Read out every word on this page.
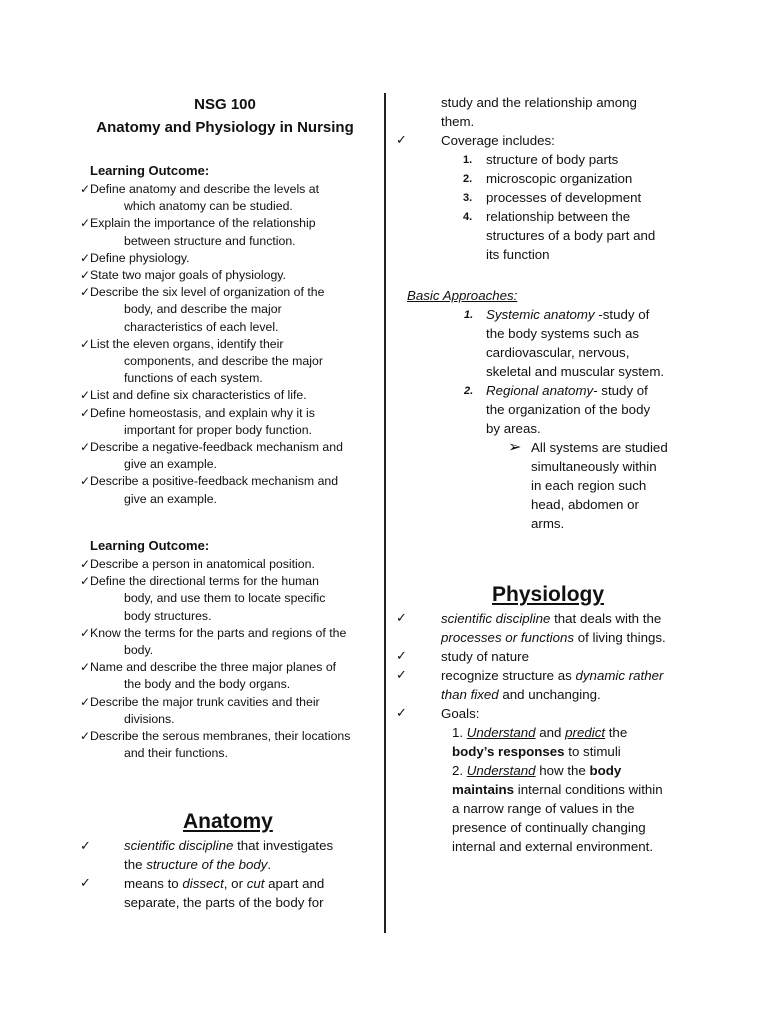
NSG 100
Anatomy and Physiology in Nursing
Learning Outcome:
✓ Define anatomy and describe the levels at
which anatomy can be studied.
✓ Explain the importance of the relationship
between structure and function.
✓ Define physiology.
✓ State two major goals of physiology.
✓ Describe the six level of organization of the
body, and describe the major
characteristics of each level.
✓ List the eleven organs, identify their
components, and describe the major
functions of each system.
✓ List and define six characteristics of life.
✓ Define homeostasis, and explain why it is
important for proper body function.
✓ Describe a negative-feedback mechanism and
give an example.
✓ Describe a positive-feedback mechanism and
give an example.
Learning Outcome:
✓ Describe a person in anatomical position.
✓ Define the directional terms for the human
body, and use them to locate specific
body structures.
✓ Know the terms for the parts and regions of the
body.
✓ Name and describe the three major planes of
the body and the body organs.
✓ Describe the major trunk cavities and their
divisions.
✓ Describe the serous membranes, their locations
and their functions.
Anatomy
✓ scientific discipline that investigates
the structure of the body.
✓ means to dissect, or cut apart and
separate, the parts of the body for
study and the relationship among
them.
✓	Coverage includes:
1. structure of body parts
2. microscopic organization
3. processes of development
4. relationship between the
structures of a body part and
its function
Basic Approaches:
1. Systemic anatomy -study of
the body systems such as
cardiovascular, nervous,
skeletal and muscular system.
2. Regional anatomy- study of
the organization of the body
by areas.
➢ All systems are studied
simultaneously within
in each region such
head, abdomen or
arms.
Physiology
✓	scientific discipline that deals with the
processes or functions of living things.
✓	study of nature
✓	recognize structure as dynamic rather
than fixed and unchanging.
✓	Goals:
1. Understand and predict the
body’s responses to stimuli
2. Understand how the body
maintains internal conditions within
a narrow range of values in the
presence of continually changing
internal and external environment.
